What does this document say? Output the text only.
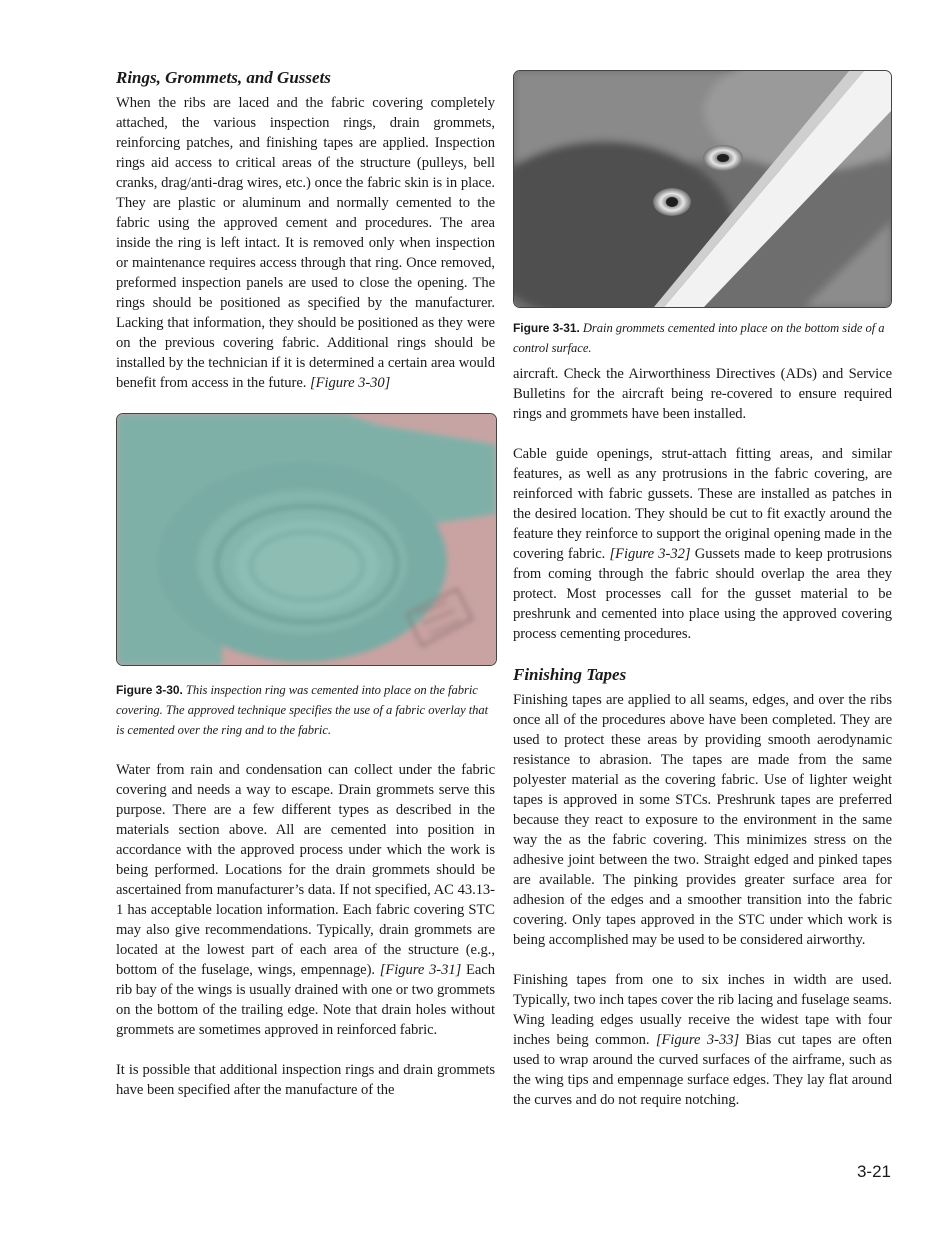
Rings, Grommets, and Gussets

When the ribs are laced and the fabric covering completely attached, the various inspection rings, drain grommets, reinforcing patches, and finishing tapes are applied. Inspection rings aid access to critical areas of the structure (pulleys, bell cranks, drag/anti-drag wires, etc.) once the fabric skin is in place. They are plastic or aluminum and normally cemented to the fabric using the approved cement and procedures. The area inside the ring is left intact. It is removed only when inspection or maintenance requires access through that ring. Once removed, preformed inspection panels are used to close the opening. The rings should be positioned as specified by the manufacturer. Lacking that information, they should be positioned as they were on the previous covering fabric. Additional rings should be installed by the technician if it is determined a certain area would benefit from access in the future. [Figure 3-30]

Figure 3-30. This inspection ring was cemented into place on the fabric covering. The approved technique specifies the use of a fabric overlay that is cemented over the ring and to the fabric.

Water from rain and condensation can collect under the fabric covering and needs a way to escape. Drain grommets serve this purpose. There are a few different types as described in the materials section above. All are cemented into position in accordance with the approved process under which the work is being performed. Locations for the drain grommets should be ascertained from manufacturer’s data. If not specified, AC 43.13-1 has acceptable location information. Each fabric covering STC may also give recommendations. Typically, drain grommets are located at the lowest part of each area of the structure (e.g., bottom of the fuselage, wings, empennage). [Figure 3-31] Each rib bay of the wings is usually drained with one or two grommets on the bottom of the trailing edge. Note that drain holes without grommets are sometimes approved in reinforced fabric.

It is possible that additional inspection rings and drain grommets have been specified after the manufacture of the

Figure 3-31. Drain grommets cemented into place on the bottom side of a control surface.

aircraft. Check the Airworthiness Directives (ADs) and Service Bulletins for the aircraft being re-covered to ensure required rings and grommets have been installed.

Cable guide openings, strut-attach fitting areas, and similar features, as well as any protrusions in the fabric covering, are reinforced with fabric gussets. These are installed as patches in the desired location. They should be cut to fit exactly around the feature they reinforce to support the original opening made in the covering fabric. [Figure 3-32] Gussets made to keep protrusions from coming through the fabric should overlap the area they protect. Most processes call for the gusset material to be preshrunk and cemented into place using the approved covering process cementing procedures.

Finishing Tapes

Finishing tapes are applied to all seams, edges, and over the ribs once all of the procedures above have been completed. They are used to protect these areas by providing smooth aerodynamic resistance to abrasion. The tapes are made from the same polyester material as the covering fabric. Use of lighter weight tapes is approved in some STCs. Preshrunk tapes are preferred because they react to exposure to the environment in the same way the as the fabric covering. This minimizes stress on the adhesive joint between the two. Straight edged and pinked tapes are available. The pinking provides greater surface area for adhesion of the edges and a smoother transition into the fabric covering. Only tapes approved in the STC under which work is being accomplished may be used to be considered airworthy.

Finishing tapes from one to six inches in width are used. Typically, two inch tapes cover the rib lacing and fuselage seams. Wing leading edges usually receive the widest tape with four inches being common. [Figure 3-33] Bias cut tapes are often used to wrap around the curved surfaces of the airframe, such as the wing tips and empennage surface edges. They lay flat around the curves and do not require notching.

3-21
